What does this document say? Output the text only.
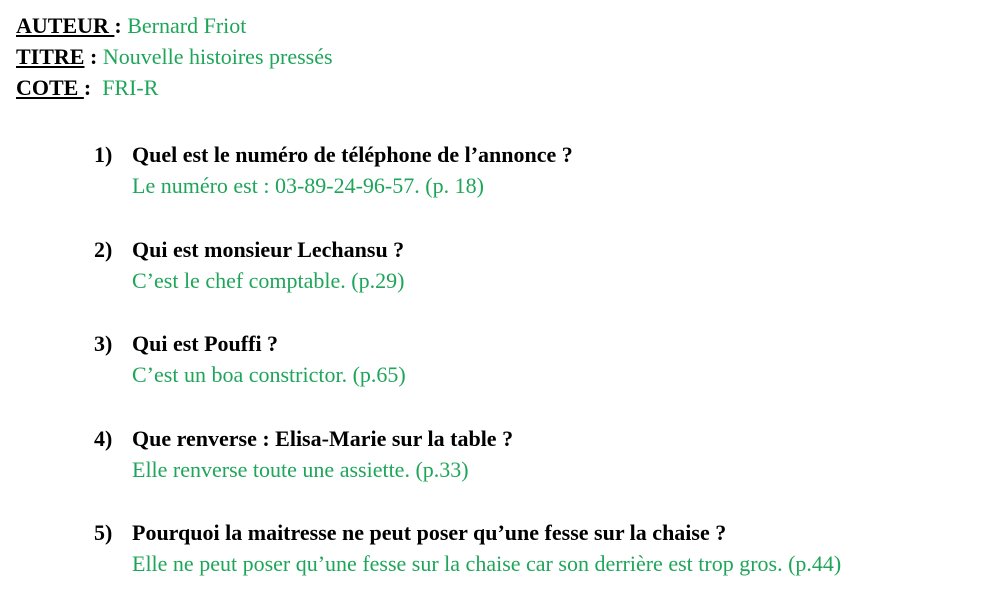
AUTEUR : Bernard Friot
TITRE : Nouvelle histoires pressés
COTE : FRI-R
1) Quel est le numéro de téléphone de l’annonce ?
Le numéro est : 03-89-24-96-57. (p. 18)
2) Qui est monsieur Lechansu ?
C’est le chef comptable. (p.29)
3) Qui est Pouffi ?
C’est un boa constrictor. (p.65)
4) Que renverse : Elisa-Marie sur la table ?
Elle renverse toute une assiette. (p.33)
5) Pourquoi la maitresse ne peut poser qu’une fesse sur la chaise ?
Elle ne peut poser qu’une fesse sur la chaise car son derrière est trop gros. (p.44)
